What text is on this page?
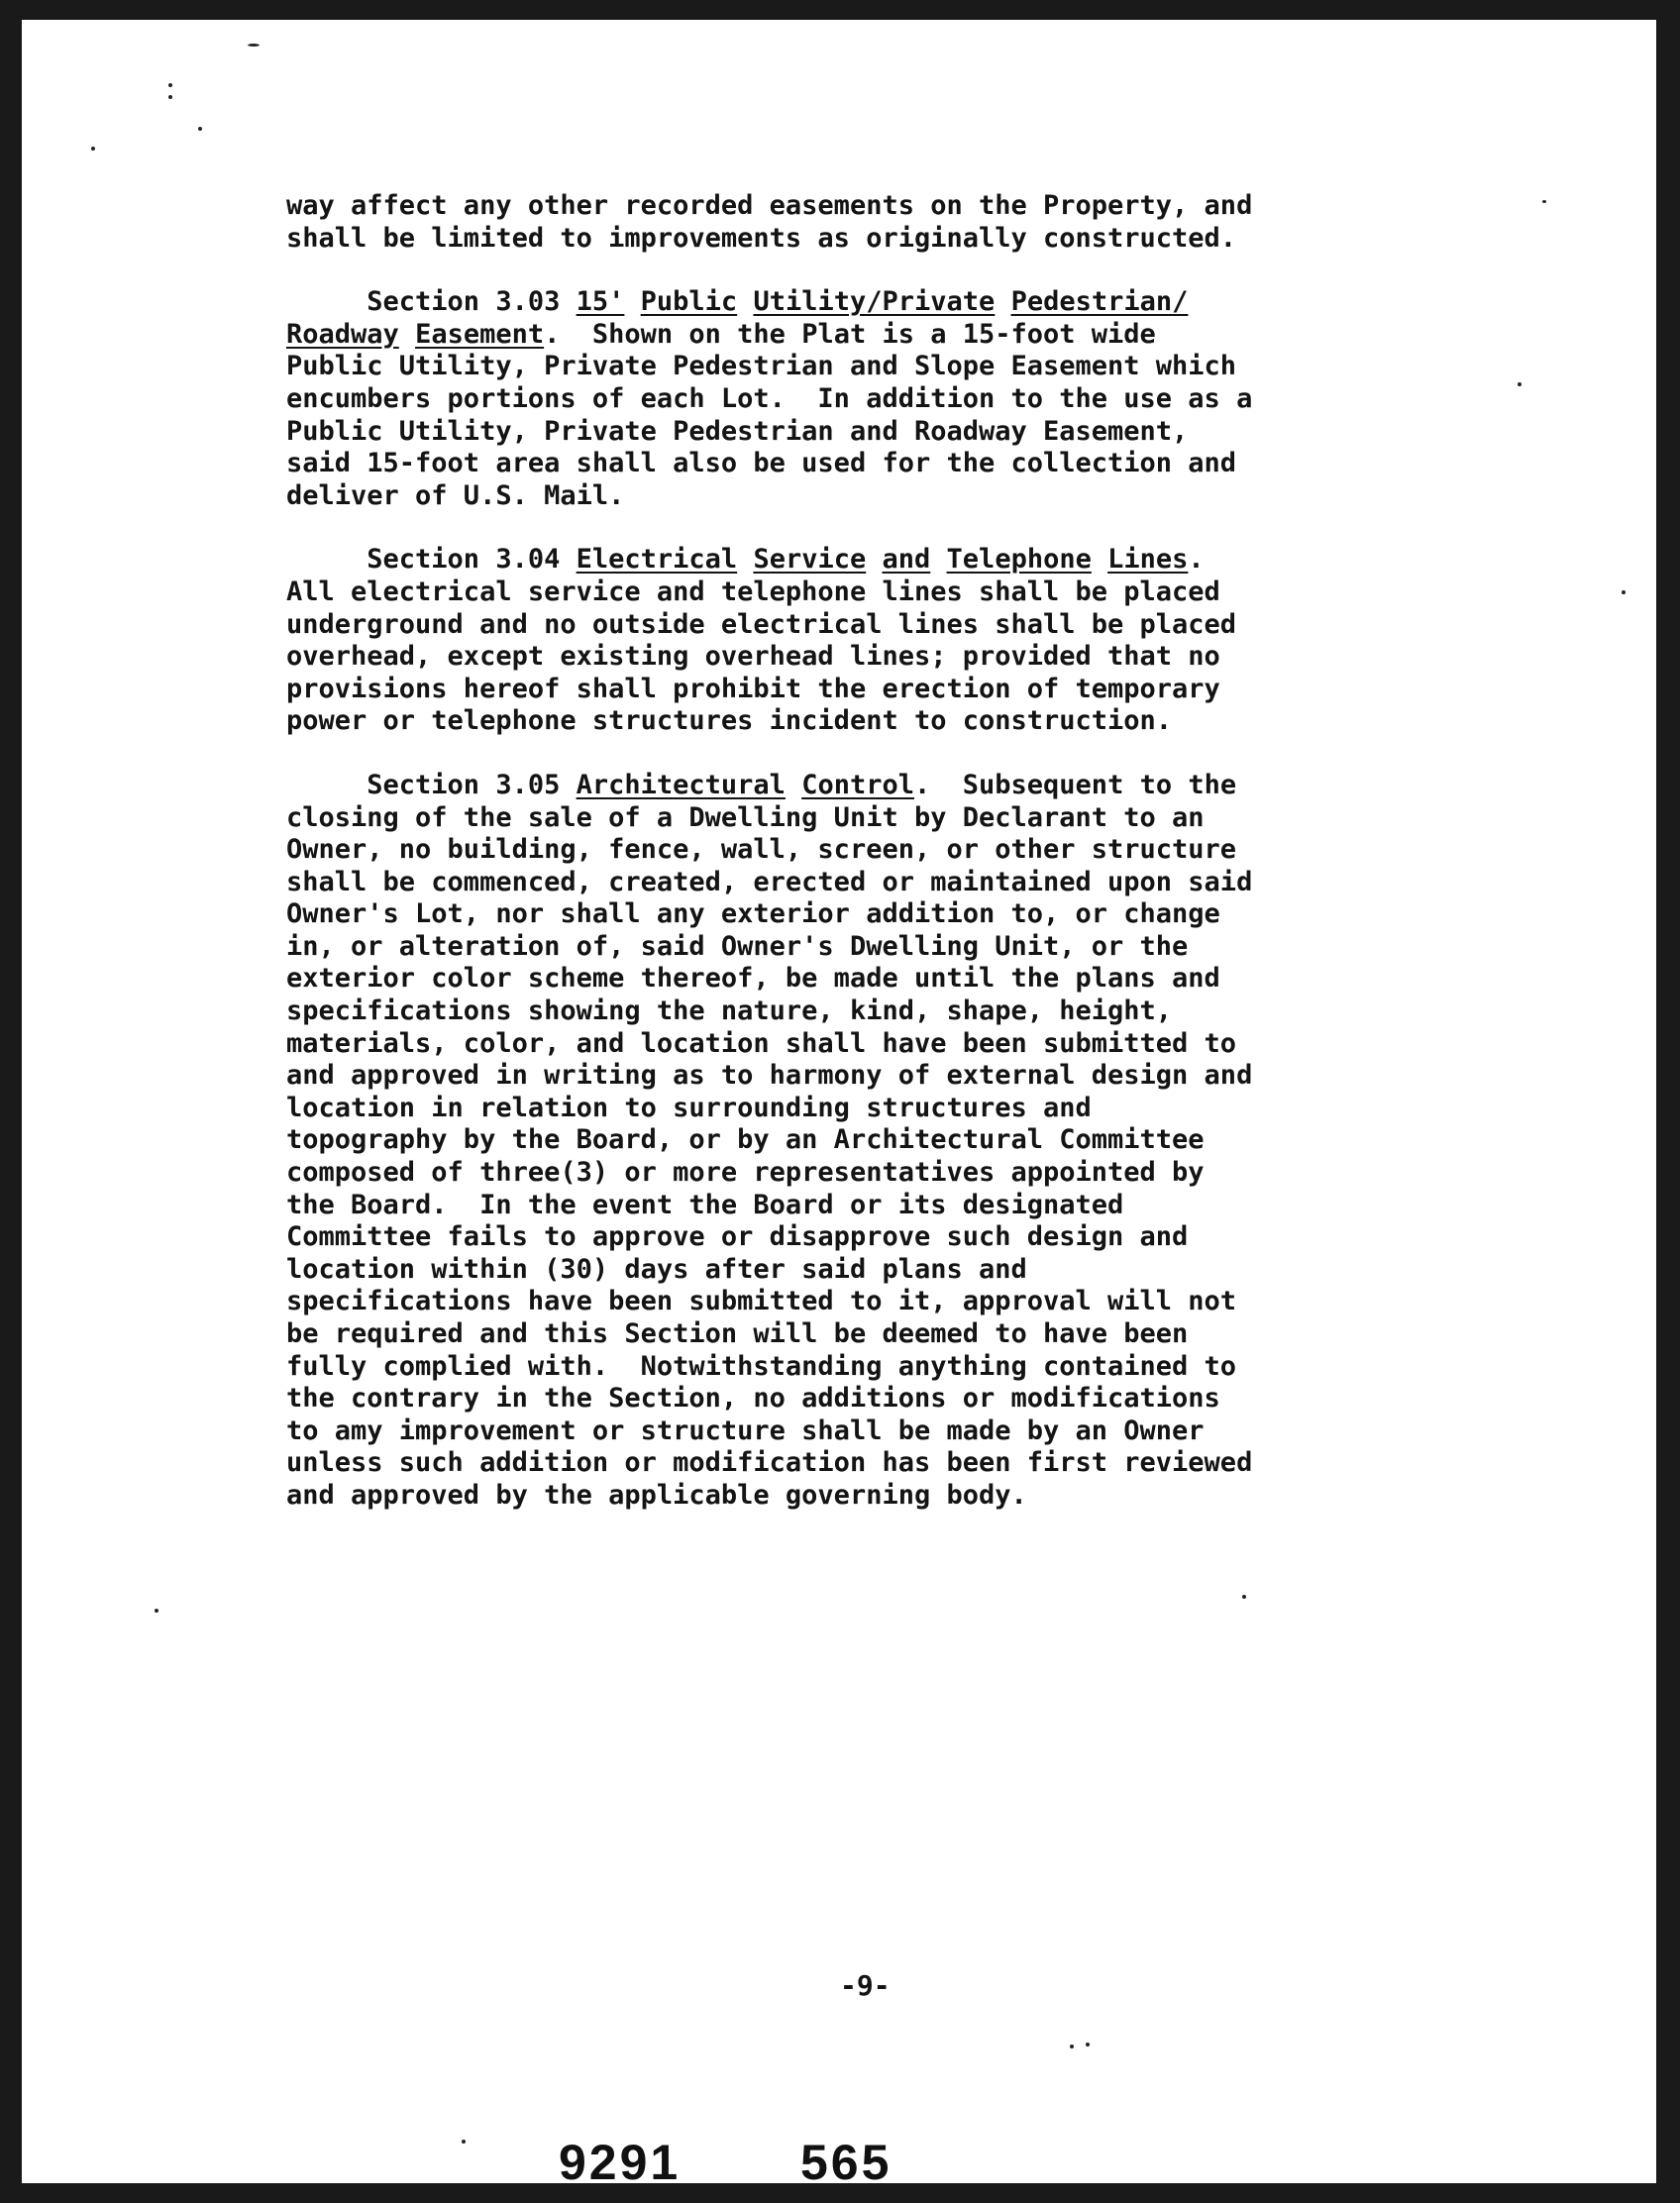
way affect any other recorded easements on the Property, and
shall be limited to improvements as originally constructed.
Section 3.03 15' Public Utility/Private Pedestrian/
Roadway Easement.  Shown on the Plat is a 15-foot wide
Public Utility, Private Pedestrian and Slope Easement which
encumbers portions of each Lot.  In addition to the use as a
Public Utility, Private Pedestrian and Roadway Easement,
said 15-foot area shall also be used for the collection and
deliver of U.S. Mail.
Section 3.04 Electrical Service and Telephone Lines.
All electrical service and telephone lines shall be placed
underground and no outside electrical lines shall be placed
overhead, except existing overhead lines; provided that no
provisions hereof shall prohibit the erection of temporary
power or telephone structures incident to construction.
Section 3.05 Architectural Control.  Subsequent to the
closing of the sale of a Dwelling Unit by Declarant to an
Owner, no building, fence, wall, screen, or other structure
shall be commenced, created, erected or maintained upon said
Owner's Lot, nor shall any exterior addition to, or change
in, or alteration of, said Owner's Dwelling Unit, or the
exterior color scheme thereof, be made until the plans and
specifications showing the nature, kind, shape, height,
materials, color, and location shall have been submitted to
and approved in writing as to harmony of external design and
location in relation to surrounding structures and
topography by the Board, or by an Architectural Committee
composed of three(3) or more representatives appointed by
the Board.  In the event the Board or its designated
Committee fails to approve or disapprove such design and
location within (30) days after said plans and
specifications have been submitted to it, approval will not
be required and this Section will be deemed to have been
fully complied with.  Notwithstanding anything contained to
the contrary in the Section, no additions or modifications
to amy improvement or structure shall be made by an Owner
unless such addition or modification has been first reviewed
and approved by the applicable governing body.
-9-
9291 565
